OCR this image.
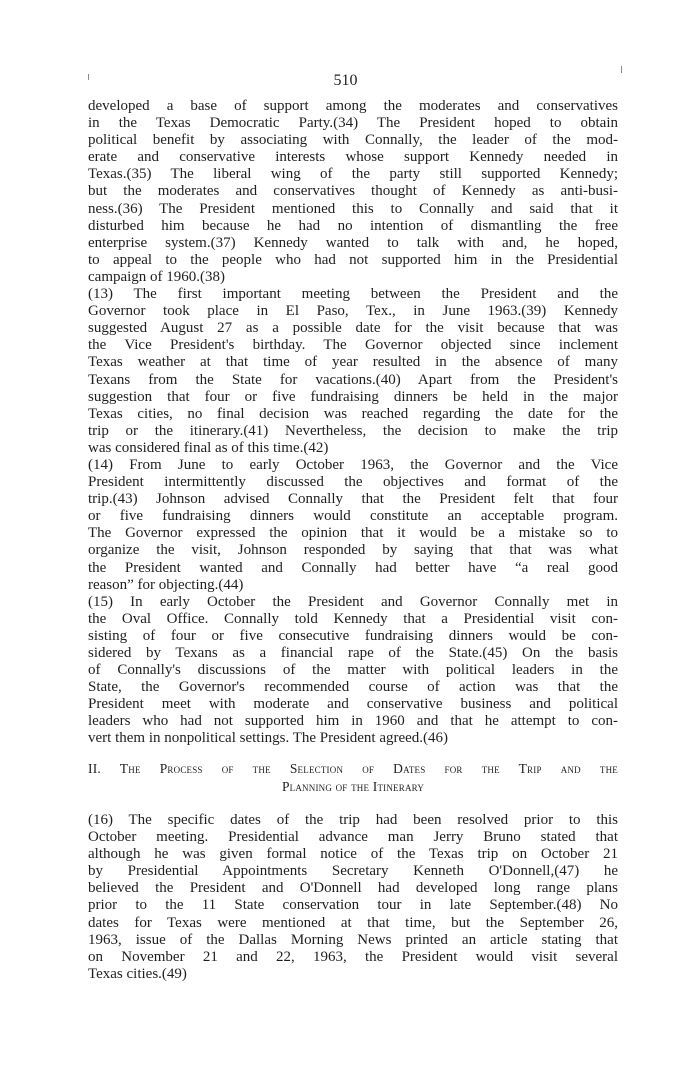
510
developed a base of support among the moderates and conservatives
in the Texas Democratic Party.(34) The President hoped to obtain
political benefit by associating with Connally, the leader of the mod-
erate and conservative interests whose support Kennedy needed in
Texas.(35) The liberal wing of the party still supported Kennedy;
but the moderates and conservatives thought of Kennedy as anti-busi-
ness.(36) The President mentioned this to Connally and said that it
disturbed him because he had no intention of dismantling the free
enterprise system.(37) Kennedy wanted to talk with and, he hoped,
to appeal to the people who had not supported him in the Presidential
campaign of 1960.(38)
(13) The first important meeting between the President and the
Governor took place in El Paso, Tex., in June 1963.(39) Kennedy
suggested August 27 as a possible date for the visit because that was
the Vice President's birthday. The Governor objected since inclement
Texas weather at that time of year resulted in the absence of many
Texans from the State for vacations.(40) Apart from the President's
suggestion that four or five fundraising dinners be held in the major
Texas cities, no final decision was reached regarding the date for the
trip or the itinerary.(41) Nevertheless, the decision to make the trip
was considered final as of this time.(42)
(14) From June to early October 1963, the Governor and the Vice
President intermittently discussed the objectives and format of the
trip.(43) Johnson advised Connally that the President felt that four
or five fundraising dinners would constitute an acceptable program.
The Governor expressed the opinion that it would be a mistake so to
organize the visit, Johnson responded by saying that that was what
the President wanted and Connally had better have “a real good
reason” for objecting.(44)
(15) In early October the President and Governor Connally met in
the Oval Office. Connally told Kennedy that a Presidential visit con-
sisting of four or five consecutive fundraising dinners would be con-
sidered by Texans as a financial rape of the State.(45) On the basis
of Connally's discussions of the matter with political leaders in the
State, the Governor's recommended course of action was that the
President meet with moderate and conservative business and political
leaders who had not supported him in 1960 and that he attempt to con-
vert them in nonpolitical settings. The President agreed.(46)
II. The Process of the Selection of Dates for the Trip and the
Planning of the Itinerary
(16) The specific dates of the trip had been resolved prior to this
October meeting. Presidential advance man Jerry Bruno stated that
although he was given formal notice of the Texas trip on October 21
by Presidential Appointments Secretary Kenneth O'Donnell,(47) he
believed the President and O'Donnell had developed long range plans
prior to the 11 State conservation tour in late September.(48) No
dates for Texas were mentioned at that time, but the September 26,
1963, issue of the Dallas Morning News printed an article stating that
on November 21 and 22, 1963, the President would visit several
Texas cities.(49)
